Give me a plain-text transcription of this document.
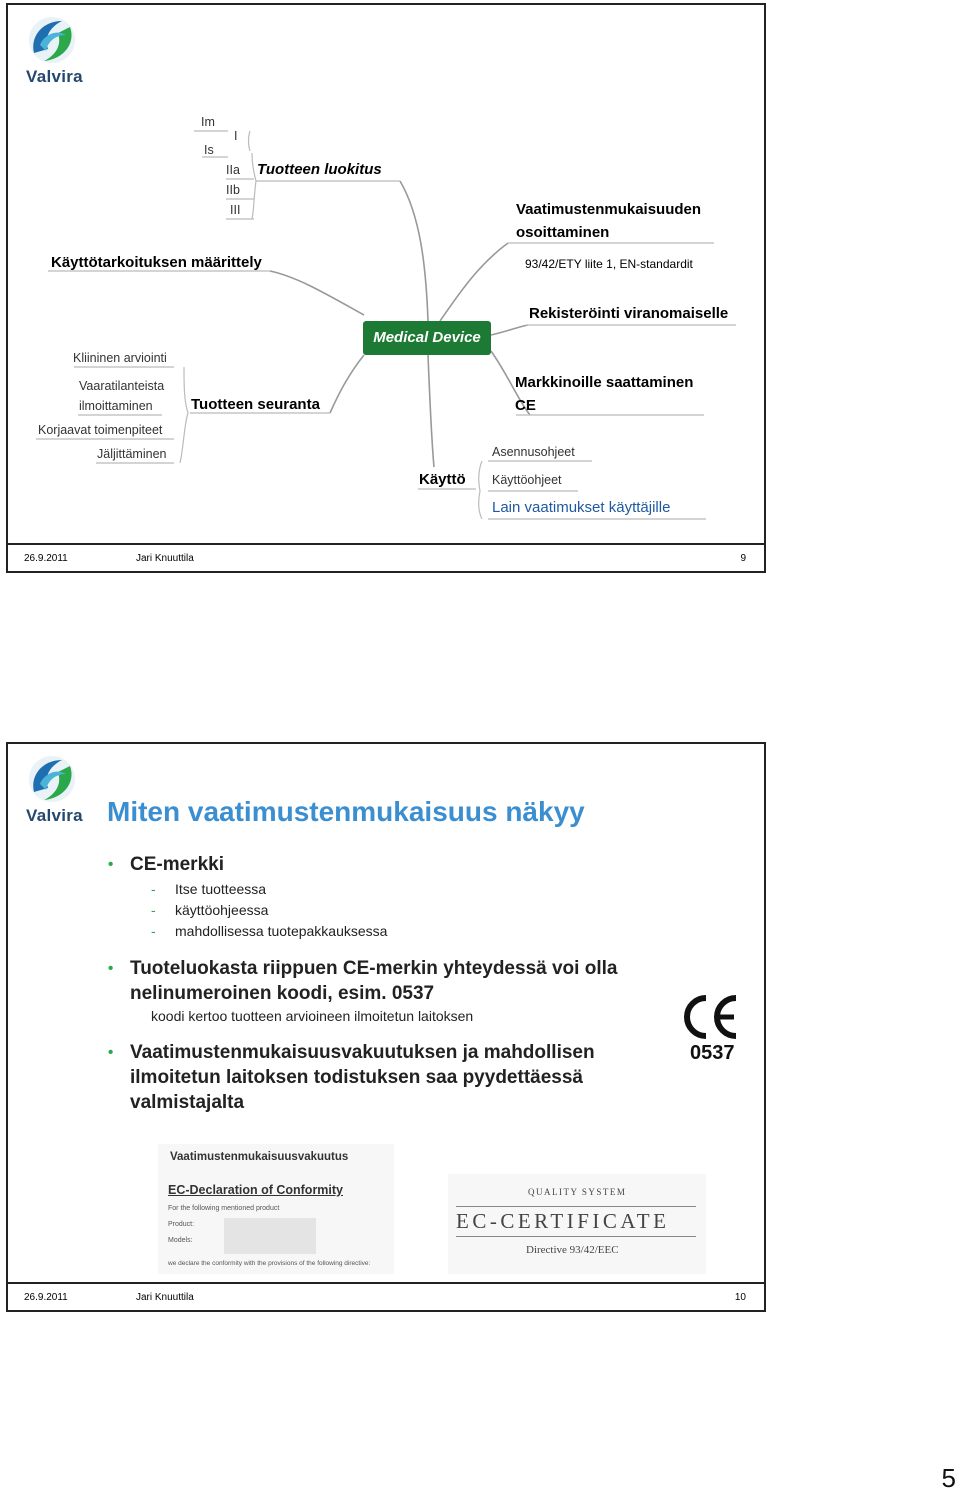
Valvira
Im
I
Is
IIa
IIb
III
Tuotteen luokitus
Vaatimustenmukaisuuden
osoittaminen
93/42/ETY liite 1, EN-standardit
Käyttötarkoituksen määrittely
Rekisteröinti viranomaiselle
Medical Device
Markkinoille saattaminen
CE
Kliininen arviointi
Vaaratilanteista
ilmoittaminen
Korjaavat toimenpiteet
Jäljittäminen
Tuotteen seuranta
Käyttö
Asennusohjeet
Käyttöohjeet
Lain vaatimukset käyttäjille
26.9.2011	Jari Knuuttila	9
Valvira Miten vaatimustenmukaisuus näkyy
• CE-merkki
- Itse tuotteessa
- käyttöohjeessa
- mahdollisessa tuotepakkauksessa
• Tuoteluokasta riippuen CE-merkin yhteydessä voi olla
nelinumeroinen koodi, esim. 0537
koodi kertoo tuotteen arvioineen ilmoitetun laitoksen
0537
• Vaatimustenmukaisuusvakuutuksen ja mahdollisen
ilmoitetun laitoksen todistuksen saa pyydettäessä
valmistajalta
Vaatimustenmukaisuusvakuutus
EC-Declaration of Conformity
For the following mentioned product
Product:
Models:
we declare the conformity with the provisions of the following directive:
QUALITY SYSTEM
EC-CERTIFICATE
Directive 93/42/EEC
26.9.2011	Jari Knuuttila	10
5
